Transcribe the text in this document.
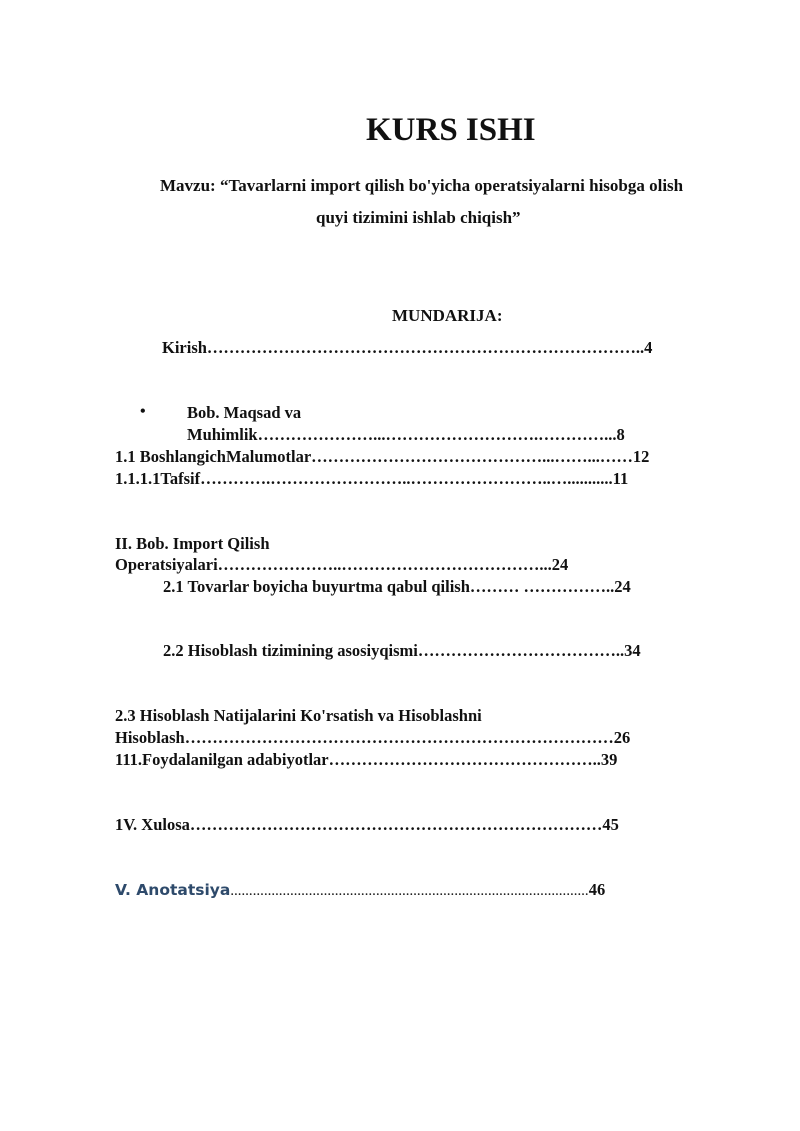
KURS ISHI
Mavzu: “Tavarlarni import qilish bo'yicha operatsiyalarni hisobga olish
quyi tizimini ishlab chiqish”
MUNDARIJA:
Kirish……………………………………………………………………..4
•	Bob. Maqsad va
Muhimlik…………………...……………………….…………...8
1.1 BoshlangichMalumotlar……………………………………...……...……12
1.1.1.1Tafsif………….……………………..……………………..…...........11
II. Bob. Import Qilish
Operatsiyalari…………………..………………………………...24
2.1 Tovarlar boyicha buyurtma qabul qilish……… ……………..24
2.2 Hisoblash tizimining asosiyqismi………………………………..34
2.3 Hisoblash Natijalarini Ko'rsatish va Hisoblashni
Hisoblash……………………………………………………………………26
111.Foydalanilgan adabiyotlar…………………………………………..39
1V. Xulosa…………………………………………………………………45
V. Anotatsiya……………………………………………………………………………………46
